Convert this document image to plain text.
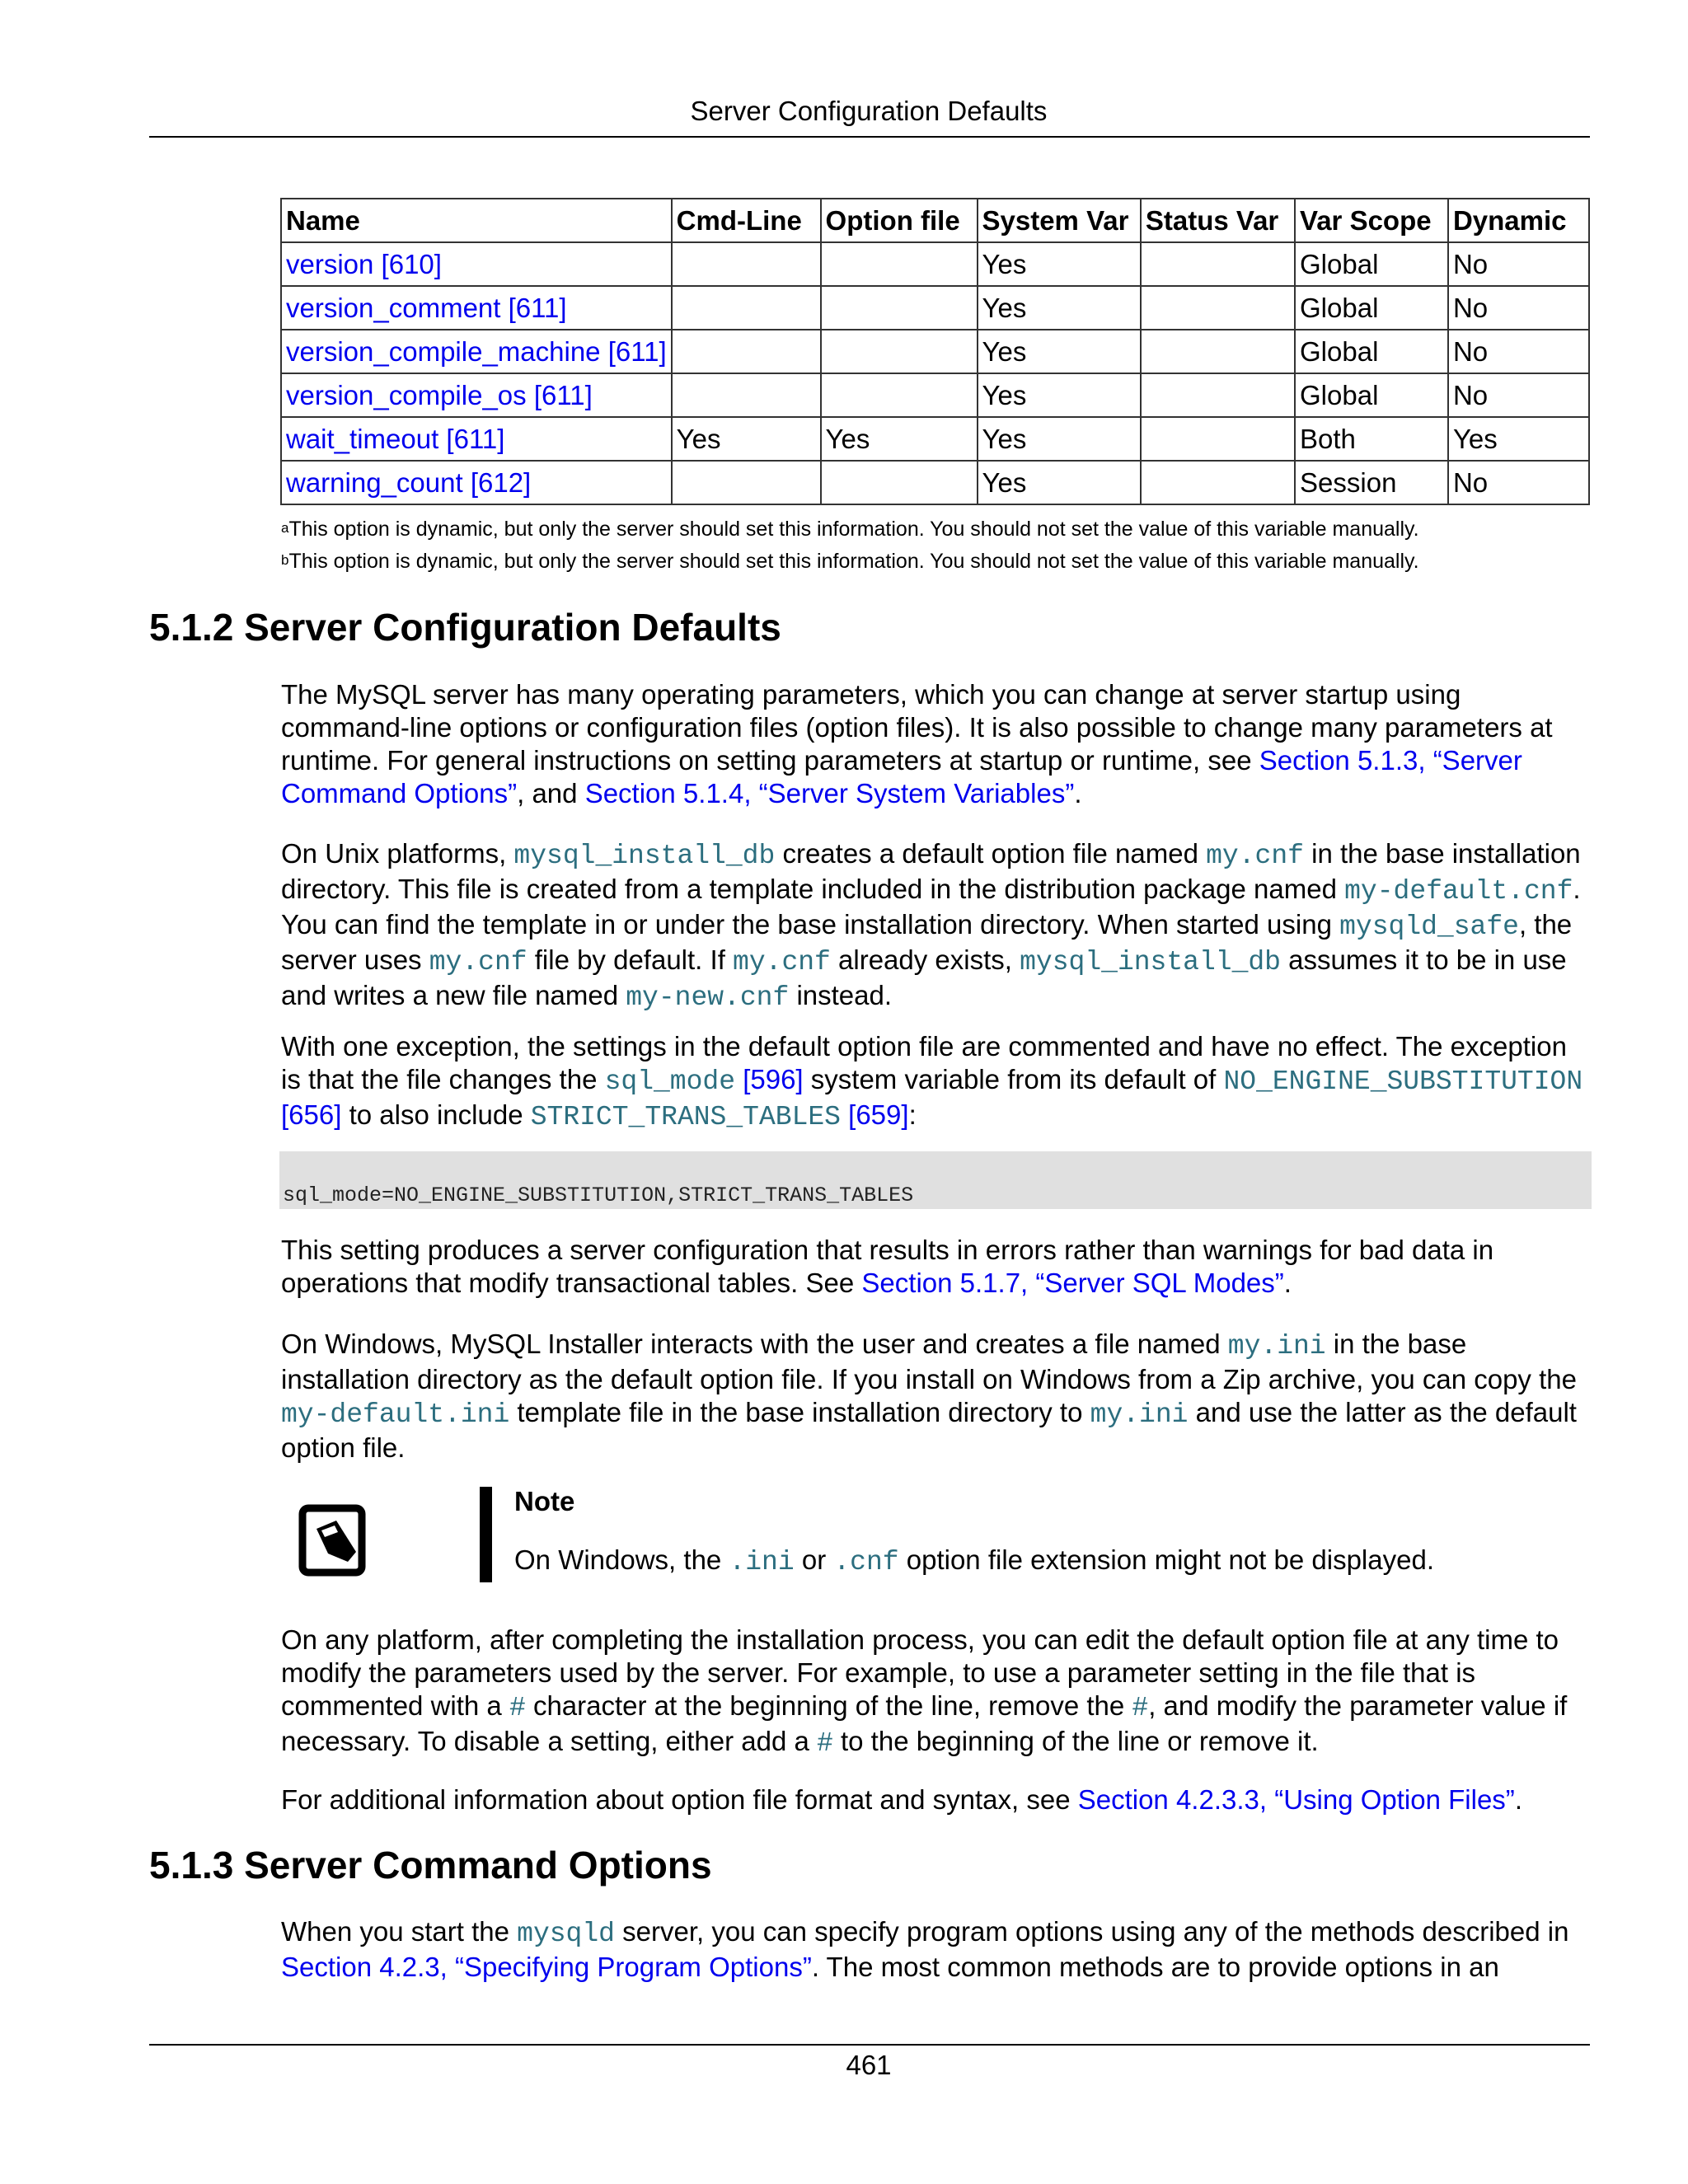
Server Configuration Defaults
Name	Cmd-Line	Option file	System Var	Status Var	Var Scope	Dynamic
version [610]			Yes		Global	No
version_comment [611]			Yes		Global	No
version_compile_machine [611]			Yes		Global	No
version_compile_os [611]			Yes		Global	No
wait_timeout [611]	Yes	Yes	Yes		Both	Yes
warning_count [612]			Yes		Session	No
$^a$This option is dynamic, but only the server should set this information. You should not set the value of this variable manually.
$^b$This option is dynamic, but only the server should set this information. You should not set the value of this variable manually.
5.1.2 Server Configuration Defaults

The MySQL server has many operating parameters, which you can change at server startup using command-line options or configuration files (option files). It is also possible to change many parameters at runtime. For general instructions on setting parameters at startup or runtime, see Section 5.1.3, “Server Command Options”, and Section 5.1.4, “Server System Variables”.

On Unix platforms, mysql_install_db creates a default option file named my.cnf in the base installation directory. This file is created from a template included in the distribution package named my-default.cnf. You can find the template in or under the base installation directory. When started using mysqld_safe, the server uses my.cnf file by default. If my.cnf already exists, mysql_install_db assumes it to be in use and writes a new file named my-new.cnf instead.

With one exception, the settings in the default option file are commented and have no effect. The exception is that the file changes the sql_mode [596] system variable from its default of NO_ENGINE_SUBSTITUTION [656] to also include STRICT_TRANS_TABLES [659]:

sql_mode=NO_ENGINE_SUBSTITUTION,STRICT_TRANS_TABLES

This setting produces a server configuration that results in errors rather than warnings for bad data in operations that modify transactional tables. See Section 5.1.7, “Server SQL Modes”.

On Windows, MySQL Installer interacts with the user and creates a file named my.ini in the base installation directory as the default option file. If you install on Windows from a Zip archive, you can copy the my-default.ini template file in the base installation directory to my.ini and use the latter as the default option file.

Note
On Windows, the .ini or .cnf option file extension might not be displayed.

On any platform, after completing the installation process, you can edit the default option file at any time to modify the parameters used by the server. For example, to use a parameter setting in the file that is commented with a # character at the beginning of the line, remove the #, and modify the parameter value if necessary. To disable a setting, either add a # to the beginning of the line or remove it.

For additional information about option file format and syntax, see Section 4.2.3.3, “Using Option Files”.

5.1.3 Server Command Options

When you start the mysqld server, you can specify program options using any of the methods described in Section 4.2.3, “Specifying Program Options”. The most common methods are to provide options in an

461
